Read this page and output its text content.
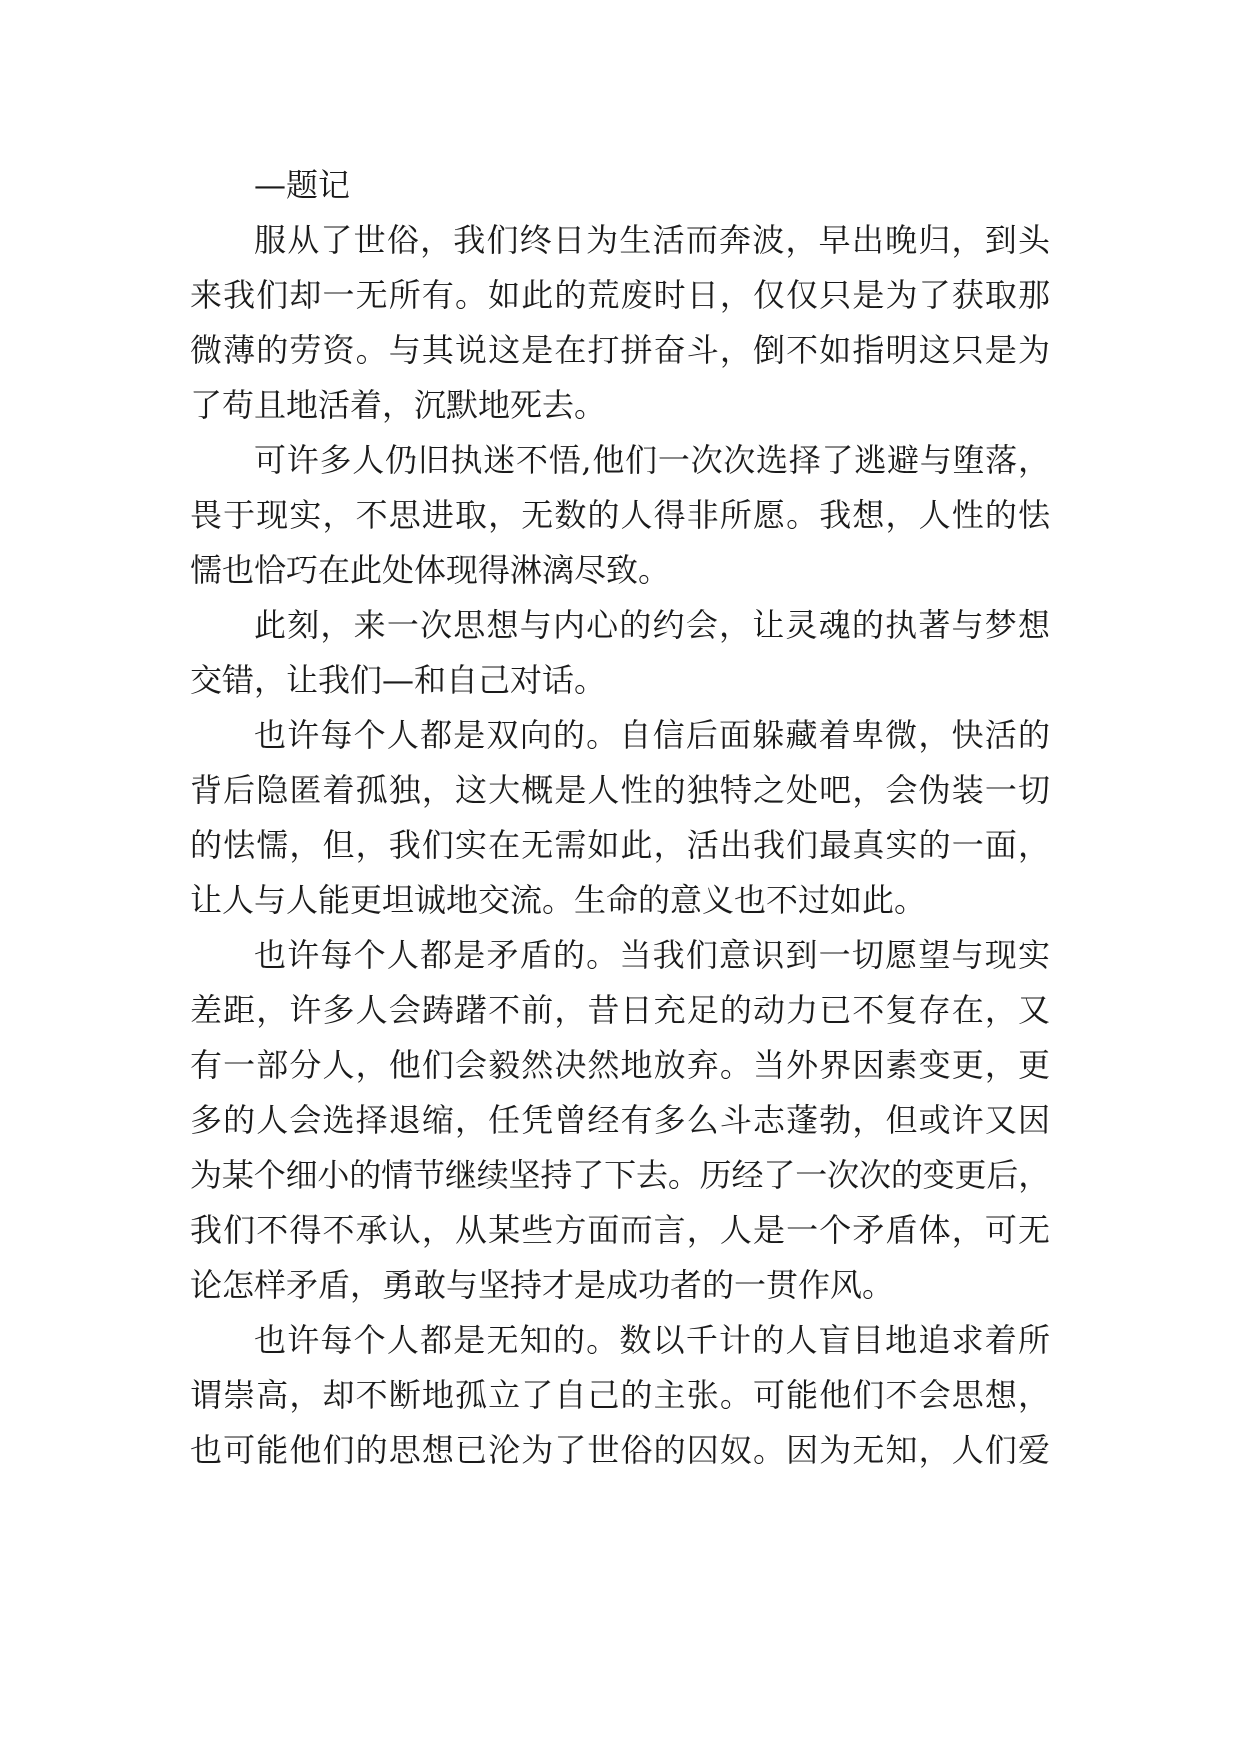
—题记
服从了世俗，我们终日为生活而奔波，早出晚归，到头
来我们却一无所有。如此的荒废时日，仅仅只是为了获取那
微薄的劳资。与其说这是在打拼奋斗，倒不如指明这只是为
了苟且地活着，沉默地死去。
可许多人仍旧执迷不悟,他们一次次选择了逃避与堕落，
畏于现实，不思进取，无数的人得非所愿。我想，人性的怯
懦也恰巧在此处体现得淋漓尽致。
此刻，来一次思想与内心的约会，让灵魂的执著与梦想
交错，让我们—和自己对话。
也许每个人都是双向的。自信后面躲藏着卑微，快活的
背后隐匿着孤独，这大概是人性的独特之处吧，会伪装一切
的怯懦，但，我们实在无需如此，活出我们最真实的一面，
让人与人能更坦诚地交流。生命的意义也不过如此。
也许每个人都是矛盾的。当我们意识到一切愿望与现实
差距，许多人会踌躇不前，昔日充足的动力已不复存在，又
有一部分人，他们会毅然决然地放弃。当外界因素变更，更
多的人会选择退缩，任凭曾经有多么斗志蓬勃，但或许又因
为某个细小的情节继续坚持了下去。历经了一次次的变更后，
我们不得不承认，从某些方面而言，人是一个矛盾体，可无
论怎样矛盾，勇敢与坚持才是成功者的一贯作风。
也许每个人都是无知的。数以千计的人盲目地追求着所
谓崇高，却不断地孤立了自己的主张。可能他们不会思想，
也可能他们的思想已沦为了世俗的囚奴。因为无知，人们爱
